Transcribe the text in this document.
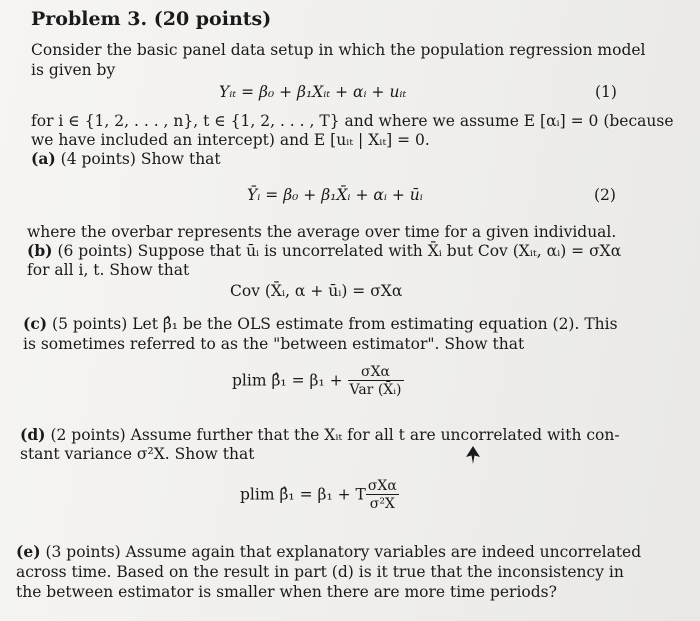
Problem 3. (20 points)
Consider the basic panel data setup in which the population regression model
is given by
Yᵢₜ = β₀ + β₁Xᵢₜ + αᵢ + uᵢₜ	(1)
for i ∈ {1, 2, . . . , n}, t ∈ {1, 2, . . . , T} and where we assume E [αᵢ] = 0 (because
we have included an intercept) and E [uᵢₜ | Xᵢₜ] = 0.
(a) (4 points) Show that
Ȳᵢ = β₀ + β₁X̄ᵢ + αᵢ + ūᵢ	(2)
where the overbar represents the average over time for a given individual.
(b) (6 points) Suppose that ūᵢ is uncorrelated with X̄ᵢ but Cov (Xᵢₜ, αᵢ) = σXα
for all i, t. Show that
Cov (X̄ᵢ, α + ūᵢ) = σXα
(c) (5 points) Let β̂₁ be the OLS estimate from estimating equation (2). This
is sometimes referred to as the "between estimator". Show that
plim β̂₁ = $\beta_1 + \frac{\text{σXα}}{\text{Var (X̄ᵢ)}}$
(d) (2 points) Assume further that the Xᵢₜ for all t are uncorrelated with con-
stant variance σ²X. Show that
plim β̂₁ = β₁ + T $\frac{\text{σXα}}{\text{σ²X}}$
(e) (3 points) Assume again that explanatory variables are indeed uncorrelated
across time. Based on the result in part (d) is it true that the inconsistency in
the between estimator is smaller when there are more time periods?
